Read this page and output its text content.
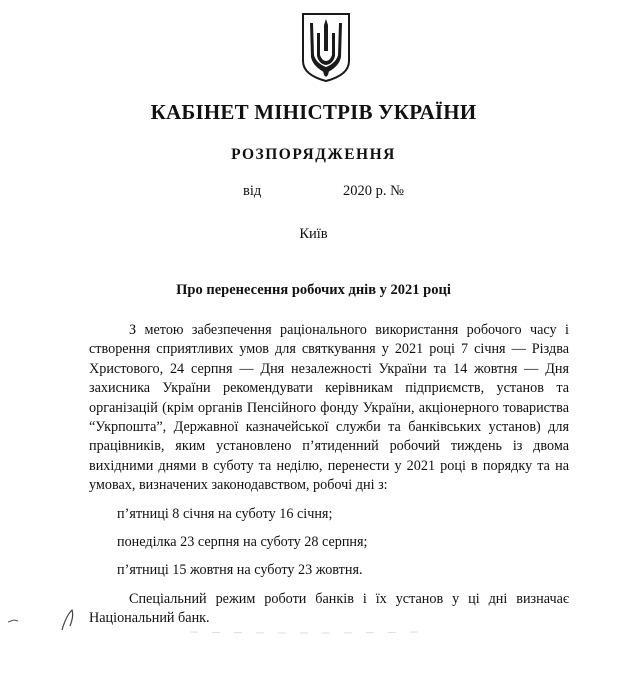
КАБІНЕТ МІНІСТРІВ УКРАЇНИ
РОЗПОРЯДЖЕННЯ
від	2020 р. №
Київ
Про перенесення робочих днів у 2021 році

З метою забезпечення раціонального використання робочого часу і створення сприятливих умов для святкування у 2021 році 7 січня — Різдва Христового, 24 серпня — Дня незалежності України та 14 жовтня — Дня захисника України рекомендувати керівникам підприємств, установ та організацій (крім органів Пенсійного фонду України, акціонерного товариства “Укрпошта”, Державної казначейської служби та банківських установ) для працівників, яким установлено п’ятиденний робочий тиждень із двома вихідними днями в суботу та неділю, перенести у 2021 році в порядку та на умовах, визначених законодавством, робочі дні з:

п’ятниці 8 січня на суботу 16 січня;

понеділка 23 серпня на суботу 28 серпня;

п’ятниці 15 жовтня на суботу 23 жовтня.

Спеціальний режим роботи банків і їх установ у ці дні визначає Національний банк.
